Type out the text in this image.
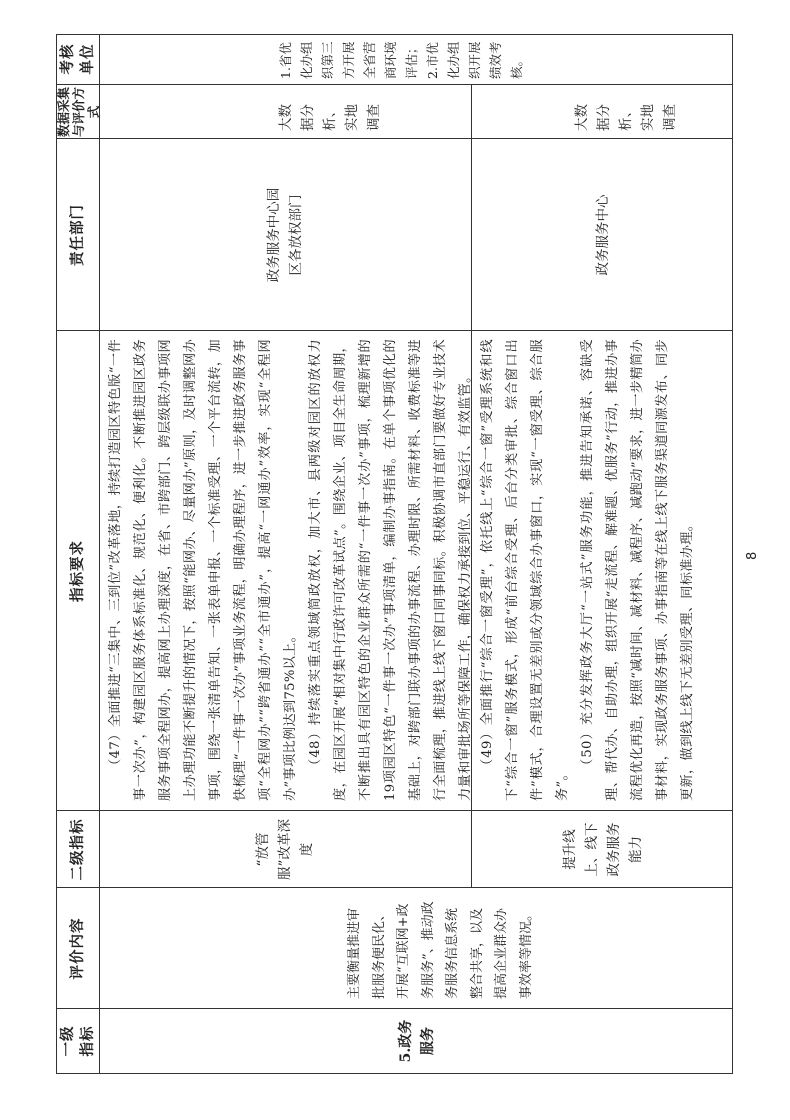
一级指标
评价内容
二级指标
指标要求
责任部门
数据采集与评价方式
考核单位
5.政务服务
主要衡量推进审批服务便民化、开展“互联网+政务服务”、推动政务服务信息系统整合共享，以及提高企业群众办事效率等情况。
“放管服”改革深度

（47）全面推进“三集中、三到位”改革落地，持续打造园区特色版“一件事一次办”，构建园区服务体系标准化、规范化、便利化。不断推进园区政务服务事项全程网办，提高网上办理深度，在省、市跨部门、跨层级联办事项网上办理功能不断提升的情况下，按照“能网办、尽量网办”原则，及时调整网办事项，围绕一张清单告知、一张表单申报、一个标准受理、一个平台流转，加快梳理“一件事一次办”事项业务流程，明确办理程序，进一步推进政务服务事项“全程网办”“跨省通办”“全市通办”，提高“一网通办”效率，实现“全程网办”事项比例达到75%以上。 （48）持续落实重点领域简政放权，加大市、县两级对园区的放权力度，在园区开展“相对集中行政许可改革试点”。围绕企业、项目全生命周期，不断推出具有园区特色的企业群众所需的“一件事一次办”事项，梳理新增的19项园区特色“一件事一次办”事项清单，编制办事指南。在单个事项优化的基础上，对跨部门联办事项的办事流程、办理时限、所需材料、收费标准等进行全面梳理，推进线上线下窗口同事同标。积极协调市直部门要做好专业技术力量和审批场所等保障工作，确保权力承接到位、平稳运行、有效监管。

政务服务中心园区各放权部门
大数据分析、实地调查
提升线上、线下政务服务能力

（49）全面推行“综合一窗受理”，依托线上“综合一窗”受理系统和线下“综合一窗”服务模式，形成“前台综合受理、后台分类审批、综合窗口出件”模式，合理设置无差别或分领域综合办事窗口，实现“一窗受理、综合服务”。

（50）充分发挥政务大厅“一站式”服务功能，推进告知承诺、容缺受理、帮代办、自助办理，组织开展“走流程、解难题、优服务”行动，推进办事流程优化再造，按照“减时间、减材料、减程序、减跑动”要求，进一步精简办事材料，实现政务服务事项、办事指南等在线上线下服务渠道同源发布、同步更新，做到线上线下无差别受理、同标准办理。

政务服务中心
大数据分析、实地调查
1.省优化办组织第三方开展全省营商环境评估；2.市优化办组织开展绩效考核。
8
